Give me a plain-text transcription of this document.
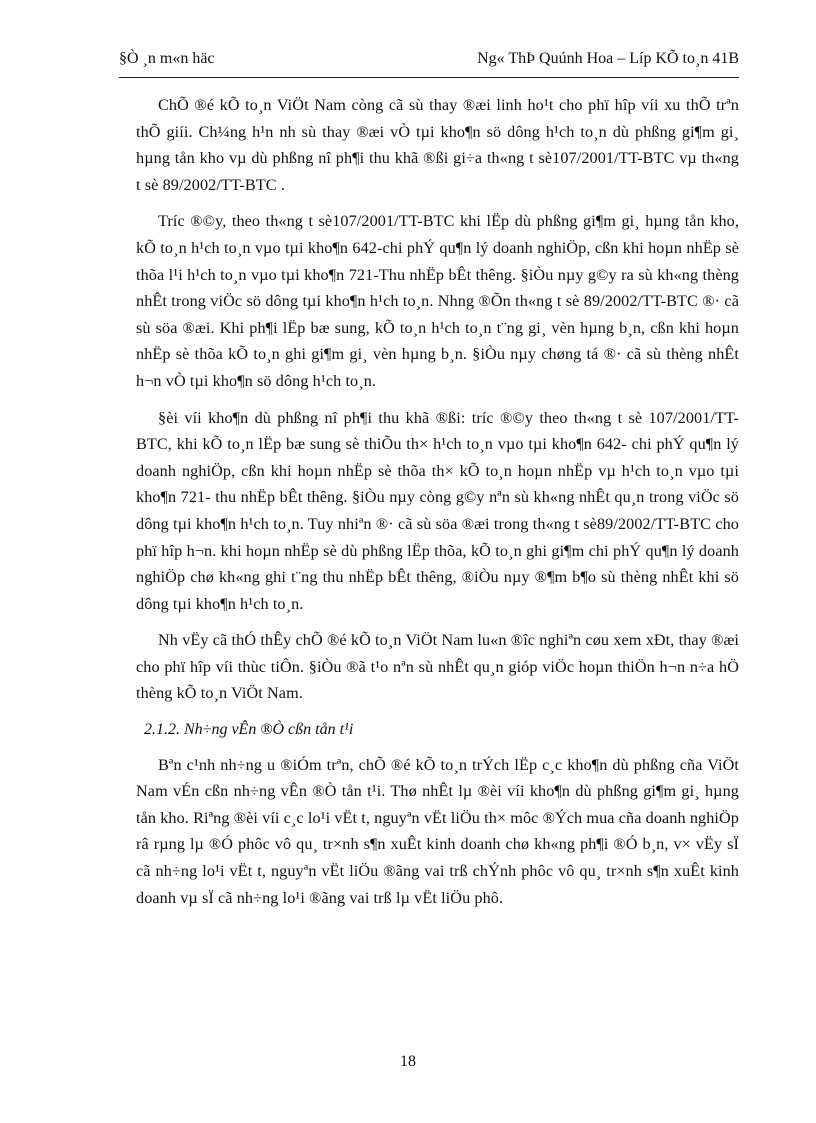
§Ò ¸n m«n häc	Ng« ThÞ Quúnh Hoa – Líp KÕ to¸n 41B

ChÕ ®é kÕ to¸n ViÖt Nam còng cã sù thay ®æi linh ho¹t cho phï hîp víi xu thÕ trªn thÕ giíi. Ch¼ng h¹n nh sù thay ®æi vÒ tµi kho¶n sö dông h¹ch to¸n dù phßng gi¶m gi¸ hµng tån kho vµ dù phßng nî ph¶i thu khã ®ßi gi÷a th«ng t sè107/2001/TT-BTC vµ th«ng t sè 89/2002/TT-BTC .

Tríc ®©y, theo th«ng t sè107/2001/TT-BTC khi lËp dù phßng gi¶m gi¸ hµng tån kho, kÕ to¸n h¹ch to¸n vµo tµi kho¶n 642-chi phÝ qu¶n lý doanh nghiÖp, cßn khi hoµn nhËp sè thõa l¹i h¹ch to¸n vµo tµi kho¶n 721-Thu nhËp bÊt thêng. §iÒu nµy g©y ra sù kh«ng thèng nhÊt trong viÖc sö dông tµi kho¶n h¹ch to¸n. Nhng ®Õn th«ng t sè 89/2002/TT-BTC ®· cã sù söa ®æi. Khi ph¶i lËp bæ sung, kÕ to¸n h¹ch to¸n t¨ng gi¸ vèn hµng b¸n, cßn khi hoµn nhËp sè thõa kÕ to¸n ghi gi¶m gi¸ vèn hµng b¸n. §iÒu nµy chøng tá ®· cã sù thèng nhÊt h¬n vÒ tµi kho¶n sö dông h¹ch to¸n.

§èi víi kho¶n dù phßng nî ph¶i thu khã ®ßi: tríc ®©y theo th«ng t sè 107/2001/TT-BTC, khi kÕ to¸n lËp bæ sung sè thiÕu th× h¹ch to¸n vµo tµi kho¶n 642- chi phÝ qu¶n lý doanh nghiÖp, cßn khi hoµn nhËp sè thõa th× kÕ to¸n hoµn nhËp vµ h¹ch to¸n vµo tµi kho¶n 721- thu nhËp bÊt thêng. §iÒu nµy còng g©y nªn sù kh«ng nhÊt qu¸n trong viÖc sö dông tµi kho¶n h¹ch to¸n. Tuy nhiªn ®· cã sù söa ®æi trong th«ng t sè89/2002/TT-BTC cho phï hîp h¬n. khi hoµn nhËp sè dù phßng lËp thõa, kÕ to¸n ghi gi¶m chi phÝ qu¶n lý doanh nghiÖp chø kh«ng ghi t¨ng thu nhËp bÊt thêng, ®iÒu nµy ®¶m b¶o sù thèng nhÊt khi sö dông tµi kho¶n h¹ch to¸n.

Nh vËy cã thÓ thÊy chÕ ®é kÕ to¸n ViÖt Nam lu«n ®îc nghiªn cøu xem xÐt, thay ®æi cho phï hîp víi thùc tiÔn. §iÒu ®ã t¹o nªn sù nhÊt qu¸n gióp viÖc hoµn thiÖn h¬n n÷a hÖ thèng kÕ to¸n ViÖt Nam.

2.1.2. Nh÷ng vÊn ®Ò cßn tån t¹i

Bªn c¹nh nh÷ng u ®iÓm trªn, chÕ ®é kÕ to¸n trÝch lËp c¸c kho¶n dù phßng cña ViÖt Nam vÉn cßn nh÷ng vÊn ®Ò tån t¹i. Thø nhÊt lµ ®èi víi kho¶n dù phßng gi¶m gi¸ hµng tån kho. Riªng ®èi víi c¸c lo¹i vËt t, nguyªn vËt liÖu th× môc ®Ých mua cña doanh nghiÖp râ rµng lµ ®Ó phôc vô qu¸ tr×nh s¶n xuÊt kinh doanh chø kh«ng ph¶i ®Ó b¸n, v× vËy sÏ cã nh÷ng lo¹i vËt t, nguyªn vËt liÖu ®ãng vai trß chÝnh phôc vô qu¸ tr×nh s¶n xuÊt kinh doanh vµ sÏ cã nh÷ng lo¹i ®ãng vai trß lµ vËt liÖu phô.

18
